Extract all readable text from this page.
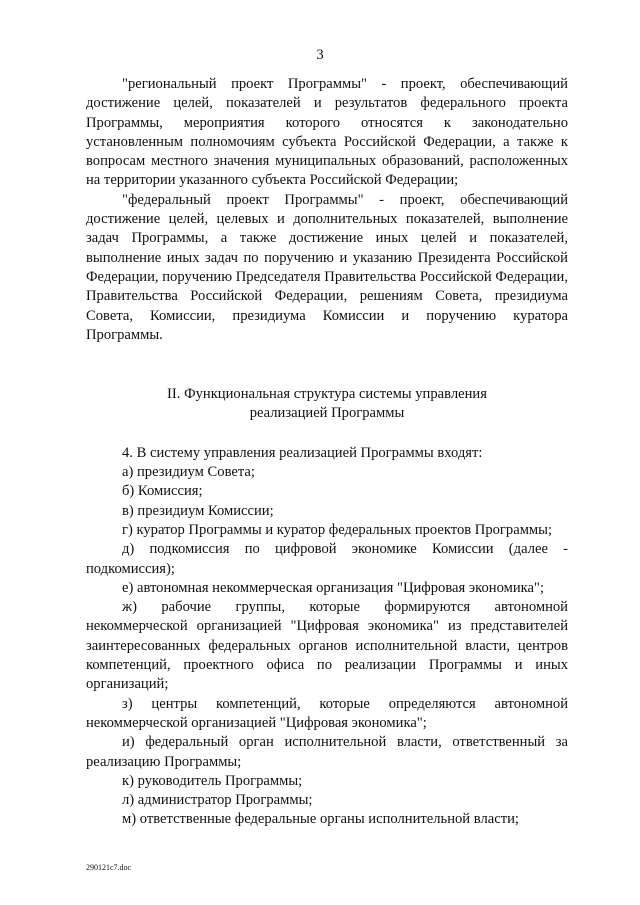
3

"региональный проект Программы" - проект, обеспечивающий достижение целей, показателей и результатов федерального проекта Программы, мероприятия которого относятся к законодательно установленным полномочиям субъекта Российской Федерации, а также к вопросам местного значения муниципальных образований, расположенных на территории указанного субъекта Российской Федерации;

"федеральный проект Программы" - проект, обеспечивающий достижение целей, целевых и дополнительных показателей, выполнение задач Программы, а также достижение иных целей и показателей, выполнение иных задач по поручению и указанию Президента Российской Федерации, поручению Председателя Правительства Российской Федерации, Правительства Российской Федерации, решениям Совета, президиума Совета, Комиссии, президиума Комиссии и поручению куратора Программы.

II. Функциональная структура системы управления

реализацией Программы

4. В систему управления реализацией Программы входят:

а) президиум Совета;

б) Комиссия;

в) президиум Комиссии;

г) куратор Программы и куратор федеральных проектов Программы;

д) подкомиссия по цифровой экономике Комиссии (далее - подкомиссия);

е) автономная некоммерческая организация "Цифровая экономика";

ж) рабочие группы, которые формируются автономной некоммерческой организацией "Цифровая экономика" из представителей заинтересованных федеральных органов исполнительной власти, центров компетенций, проектного офиса по реализации Программы и иных организаций;

з) центры компетенций, которые определяются автономной некоммерческой организацией "Цифровая экономика";

и) федеральный орган исполнительной власти, ответственный за реализацию Программы;

к) руководитель Программы;

л) администратор Программы;

м) ответственные федеральные органы исполнительной власти;

290121c7.doc
